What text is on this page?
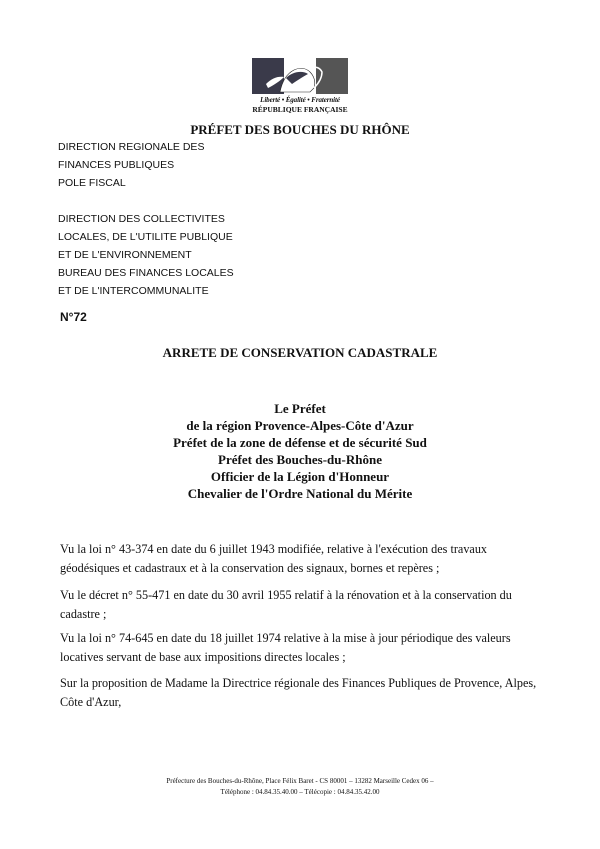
Liberté • Égalité • Fraternité
RÉPUBLIQUE FRANÇAISE
PRÉFET DES BOUCHES DU RHÔNE
DIRECTION REGIONALE DES
FINANCES PUBLIQUES
POLE FISCAL
DIRECTION DES COLLECTIVITES
LOCALES, DE L'UTILITE PUBLIQUE
ET DE L'ENVIRONNEMENT
BUREAU DES FINANCES LOCALES
ET DE L'INTERCOMMUNALITE
N°72
ARRETE DE CONSERVATION CADASTRALE
Le Préfet
de la région Provence-Alpes-Côte d'Azur
Préfet de la zone de défense et de sécurité Sud
Préfet des Bouches-du-Rhône
Officier de la Légion d'Honneur
Chevalier de l'Ordre National du Mérite
Vu la loi n° 43-374 en date du 6 juillet 1943 modifiée, relative à l'exécution des travaux
géodésiques et cadastraux et à la conservation des signaux, bornes et repères ;
Vu le décret n° 55-471 en date du 30 avril 1955 relatif à la rénovation et à la conservation du
cadastre ;
Vu la loi n° 74-645 en date du 18 juillet 1974 relative à la mise à jour périodique des valeurs
locatives servant de base aux impositions directes locales ;
Sur la proposition de Madame la Directrice régionale des Finances Publiques de Provence, Alpes,
Côte d'Azur,
Préfecture des Bouches-du-Rhône, Place Félix Baret - CS 80001 – 13282 Marseille Cedex 06 –
Téléphone : 04.84.35.40.00 – Télécopie : 04.84.35.42.00
